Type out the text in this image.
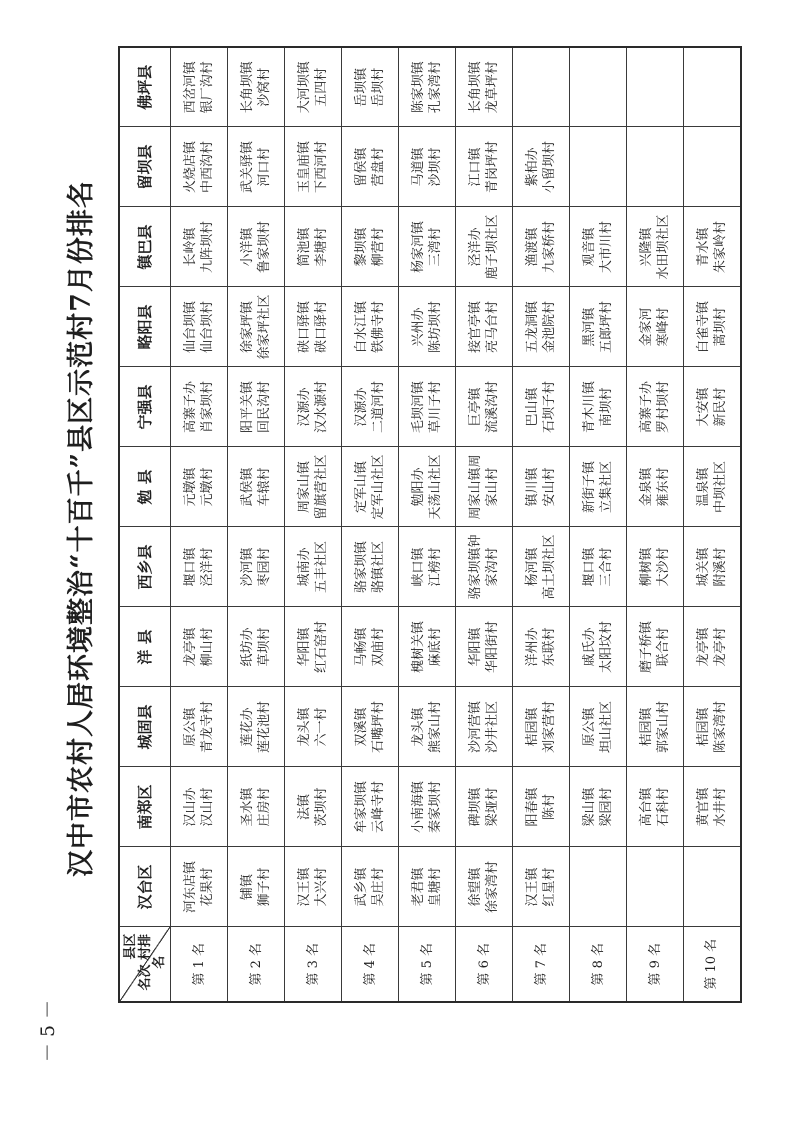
－ 5 －
汉中市农村人居环境整治“十百千”县区示范村7月份排名
县区 名次 村排名	汉台区	南郑区	城固县	洋 县	西乡县	勉 县	宁强县	略阳县	镇巴县	留坝县	佛坪县
第 1 名	河东店镇 花果村	汉山办 汉山村	原公镇 青龙寺村	龙亭镇 柳山村	堰口镇 泾洋村	元墩镇 元墩村	高寨子办 肖家坝村	仙台坝镇 仙台坝村	长岭镇 九阵坝村	火烧店镇 中西沟村	西岔河镇 银厂沟村

第 2 名	铺镇 狮子村	圣水镇 庄房村	莲花办 莲花池村	纸坊办 草坝村	沙河镇 枣园村	武侯镇 车辕村	阳平关镇 回民沟村	徐家坪镇 徐家坪社区	小洋镇 鲁家坝村	武关驿镇 河口村	长角坝镇 沙窝村

第 3 名	汉王镇 大兴村	法镇 茨坝村	龙头镇 六一村	华阳镇 红石窑村	城南办 五丰社区	周家山镇 留旗营社区	汉源办 汉水源村	硖口驿镇 硖口驿村	简池镇 李塘村	玉皇庙镇 下西河村	大河坝镇 五四村

第 4 名	武乡镇 吴庄村	牟家坝镇 云峰寺村	双溪镇 石嘴坪村	马畅镇 双庙村	骆家坝镇 骆镇社区	定军山镇 定军山社区	汉源办 二道河村	白水江镇 铁佛寺村	黎坝镇 柳营村	留侯镇 营盘村	岳坝镇 岳坝村

第 5 名	老君镇 皇塘村	小南海镇 秦家坝村	龙头镇 熊家山村	槐树关镇 麻底村	峡口镇 江榜村	勉阳办 天荡山社区	毛坝河镇 草川子村	兴州办 陈坊坝村	杨家河镇 三湾村	马道镇 沙坝村	陈家坝镇 孔家湾村

第 6 名	徐望镇 徐家湾村	碑坝镇 梁垭村	沙河营镇 沙井社区	华阳镇 华阳街村	骆家坝镇钟 家沟村	周家山镇周 家山村	巨亭镇 流溪沟村	接官亭镇 亮马台村	泾洋办 鹿子坝社区	江口镇 青岗坪村	长角坝镇 龙草坪村

第 7 名	汉王镇 红星村	阳春镇 陈村	桔园镇 刘家营村	洋州办 东联村	杨河镇 高土坝社区	镇川镇 安山村	巴山镇 石坝子村	五龙洞镇 金池院村	渔渡镇 九家桥村	紫柏办 小留坝村	

第 8 名		梁山镇 梁园村	原公镇 坦山社区	戚氏办 太阳坟村	堰口镇 三合村	新街子镇 立集社区	青木川镇 南坝村	黑河镇 五郎坪村	观音镇 大市川村		

第 9 名		高台镇 石科村	桔园镇 郭家山村	磨子桥镇 联合村	柳树镇 大沙村	金泉镇 雍东村	高寨子办 罗村坝村	金家河 寒峰村	兴隆镇 水田坝社区		

第 10 名		黄官镇 水井村	桔园镇 陈家湾村	龙亭镇 龙亭村	城关镇 附溪村	温泉镇 中坝社区	大安镇 新民村	白雀寺镇 蒿坝村	青水镇 朱家岭村		
